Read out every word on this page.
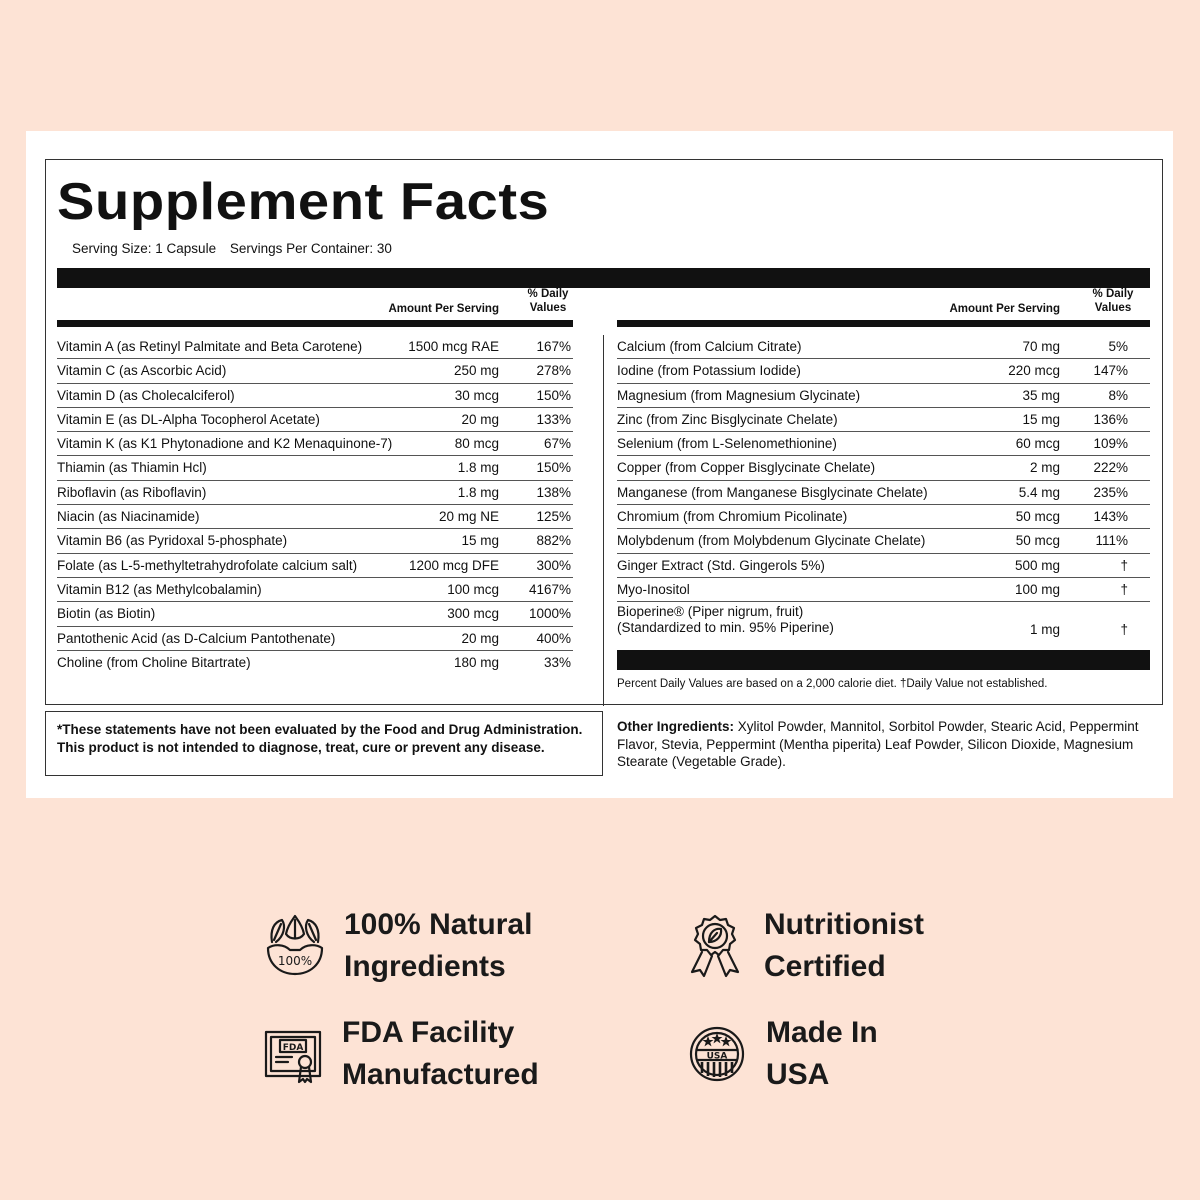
Supplement Facts
Serving Size: 1 Capsule Servings Per Container: 30
Amount Per Serving
% Daily
Values
Vitamin A (as Retinyl Palmitate and Beta Carotene)	1500 mcg RAE	167%
Vitamin C (as Ascorbic Acid)	250 mg	278%
Vitamin D (as Cholecalciferol)	30 mcg	150%
Vitamin E (as DL-Alpha Tocopherol Acetate)	20 mg	133%
Vitamin K (as K1 Phytonadione and K2 Menaquinone-7)	80 mcg	67%
Thiamin (as Thiamin Hcl)	1.8 mg	150%
Riboflavin (as Riboflavin)	1.8 mg	138%
Niacin (as Niacinamide)	20 mg NE	125%
Vitamin B6 (as Pyridoxal 5-phosphate)	15 mg	882%
Folate (as L-5-methyltetrahydrofolate calcium salt)	1200 mcg DFE	300%
Vitamin B12 (as Methylcobalamin)	100 mcg 4167%
Biotin (as Biotin)	300 mcg 1000%
Pantothenic Acid (as D-Calcium Pantothenate)	20 mg	400%
Choline (from Choline Bitartrate)	180 mg	33%
Amount Per Serving
% Daily
Values
Calcium (from Calcium Citrate)	70 mg	5%
Iodine (from Potassium Iodide)	220 mcg 147%
Magnesium (from Magnesium Glycinate)	35 mg	8%
Zinc (from Zinc Bisglycinate Chelate)	15 mg 136%
Selenium (from L-Selenomethionine)	60 mcg 109%
Copper (from Copper Bisglycinate Chelate)	2 mg 222%
Manganese (from Manganese Bisglycinate Chelate)	5.4 mg 235%
Chromium (from Chromium Picolinate)	50 mcg 143%
Molybdenum (from Molybdenum Glycinate Chelate)	50 mcg	111%
Ginger Extract (Std. Gingerols 5%)	500 mg	†
Myo-Inositol	100 mg	†
Bioperine® (Piper nigrum, fruit)
(Standardized to min. 95% Piperine)	1 mg	†
Percent Daily Values are based on a 2,000 calorie diet. †Daily Value not established.
*These statements have not been evaluated by the Food and Drug Administration. This product is not intended to diagnose, treat, cure or prevent any disease.
Other Ingredients: Xylitol Powder, Mannitol, Sorbitol Powder, Stearic Acid, Peppermint Flavor, Stevia, Peppermint (Mentha piperita) Leaf Powder, Silicon Dioxide, Magnesium Stearate (Vegetable Grade).
100%
100% Natural
Ingredients
Nutritionist
Certified
FDA FDA Facility
Manufactured
USA
Made In
USA
